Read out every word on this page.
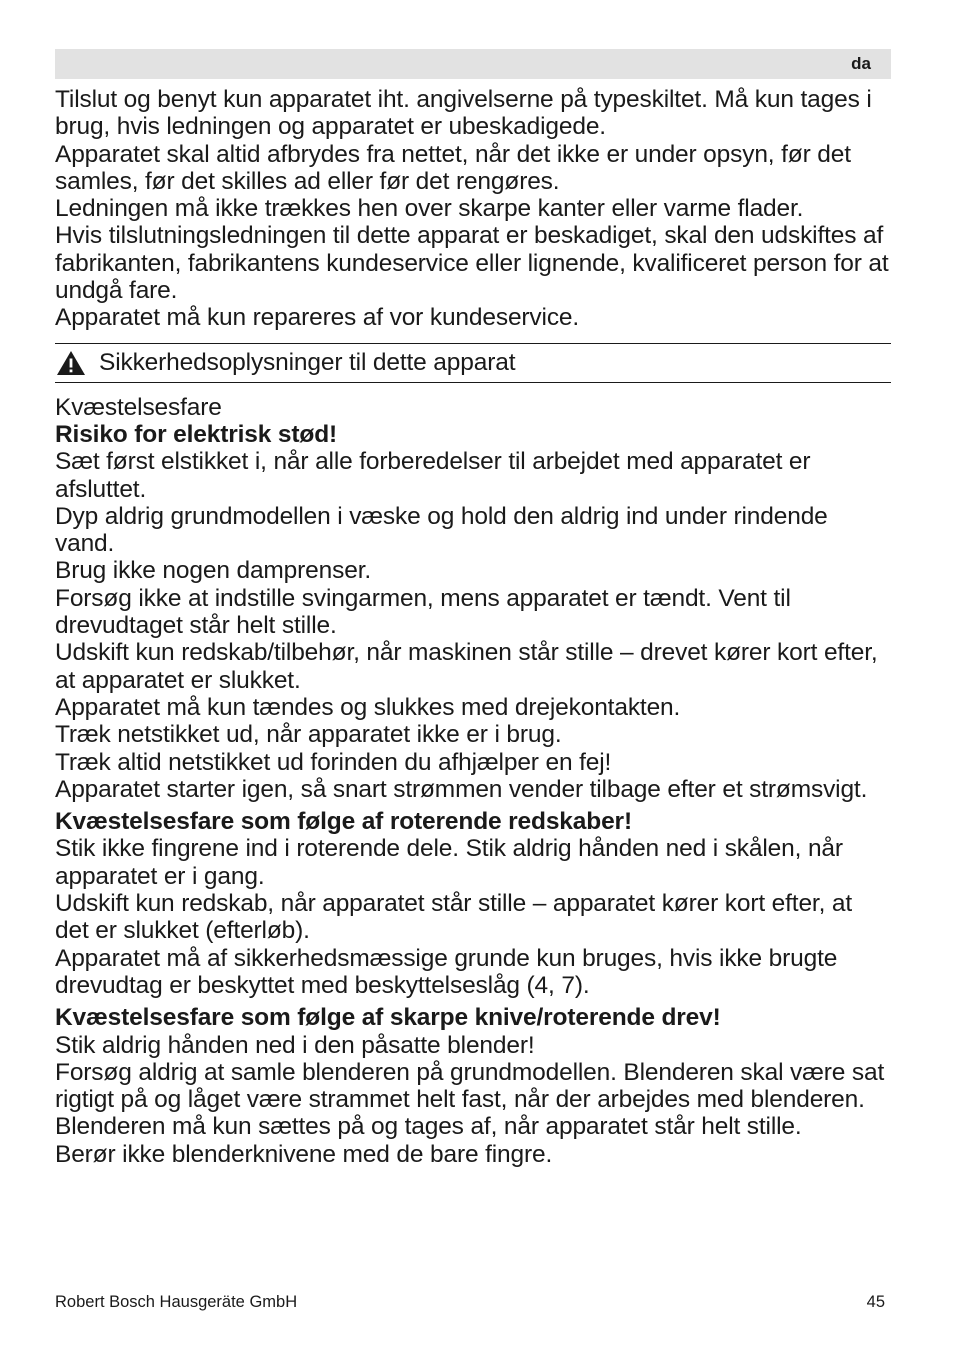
da

Tilslut og benyt kun apparatet iht. angivelserne på typeskiltet. Må kun tages i brug, hvis ledningen og apparatet er ubeskadigede.

Apparatet skal altid afbrydes fra nettet, når det ikke er under opsyn, før det samles, før det skilles ad eller før det rengøres.

Ledningen må ikke trækkes hen over skarpe kanter eller varme flader.

Hvis tilslutningsledningen til dette apparat er beskadiget, skal den udskiftes af fabrikanten, fabrikantens kundeservice eller lignende, kvalificeret person for at undgå fare.

Apparatet må kun repareres af vor kundeservice.

Sikkerhedsoplysninger til dette apparat

Kvæstelsesfare

Risiko for elektrisk stød!

Sæt først elstikket i, når alle forberedelser til arbejdet med apparatet er afsluttet.

Dyp aldrig grundmodellen i væske og hold den aldrig ind under rindende vand.

Brug ikke nogen damprenser.

Forsøg ikke at indstille svingarmen, mens apparatet er tændt. Vent til drevudtaget står helt stille.

Udskift kun redskab/tilbehør, når maskinen står stille – drevet kører kort efter, at apparatet er slukket.

Apparatet må kun tændes og slukkes med drejekontakten.

Træk netstikket ud, når apparatet ikke er i brug.

Træk altid netstikket ud forinden du afhjælper en fej!

Apparatet starter igen, så snart strømmen vender tilbage efter et strømsvigt.

Kvæstelsesfare som følge af roterende redskaber!

Stik ikke fingrene ind i roterende dele. Stik aldrig hånden ned i skålen, når apparatet er i gang.

Udskift kun redskab, når apparatet står stille – apparatet kører kort efter, at det er slukket (efterløb).

Apparatet må af sikkerhedsmæssige grunde kun bruges, hvis ikke brugte drevudtag er beskyttet med beskyttelseslåg (4, 7).

Kvæstelsesfare som følge af skarpe knive/roterende drev!

Stik aldrig hånden ned i den påsatte blender!

Forsøg aldrig at samle blenderen på grundmodellen. Blenderen skal være sat rigtigt på og låget være strammet helt fast, når der arbejdes med blenderen.

Blenderen må kun sættes på og tages af, når apparatet står helt stille.

Berør ikke blenderknivene med de bare fingre.

Robert Bosch Hausgeräte GmbH	45
